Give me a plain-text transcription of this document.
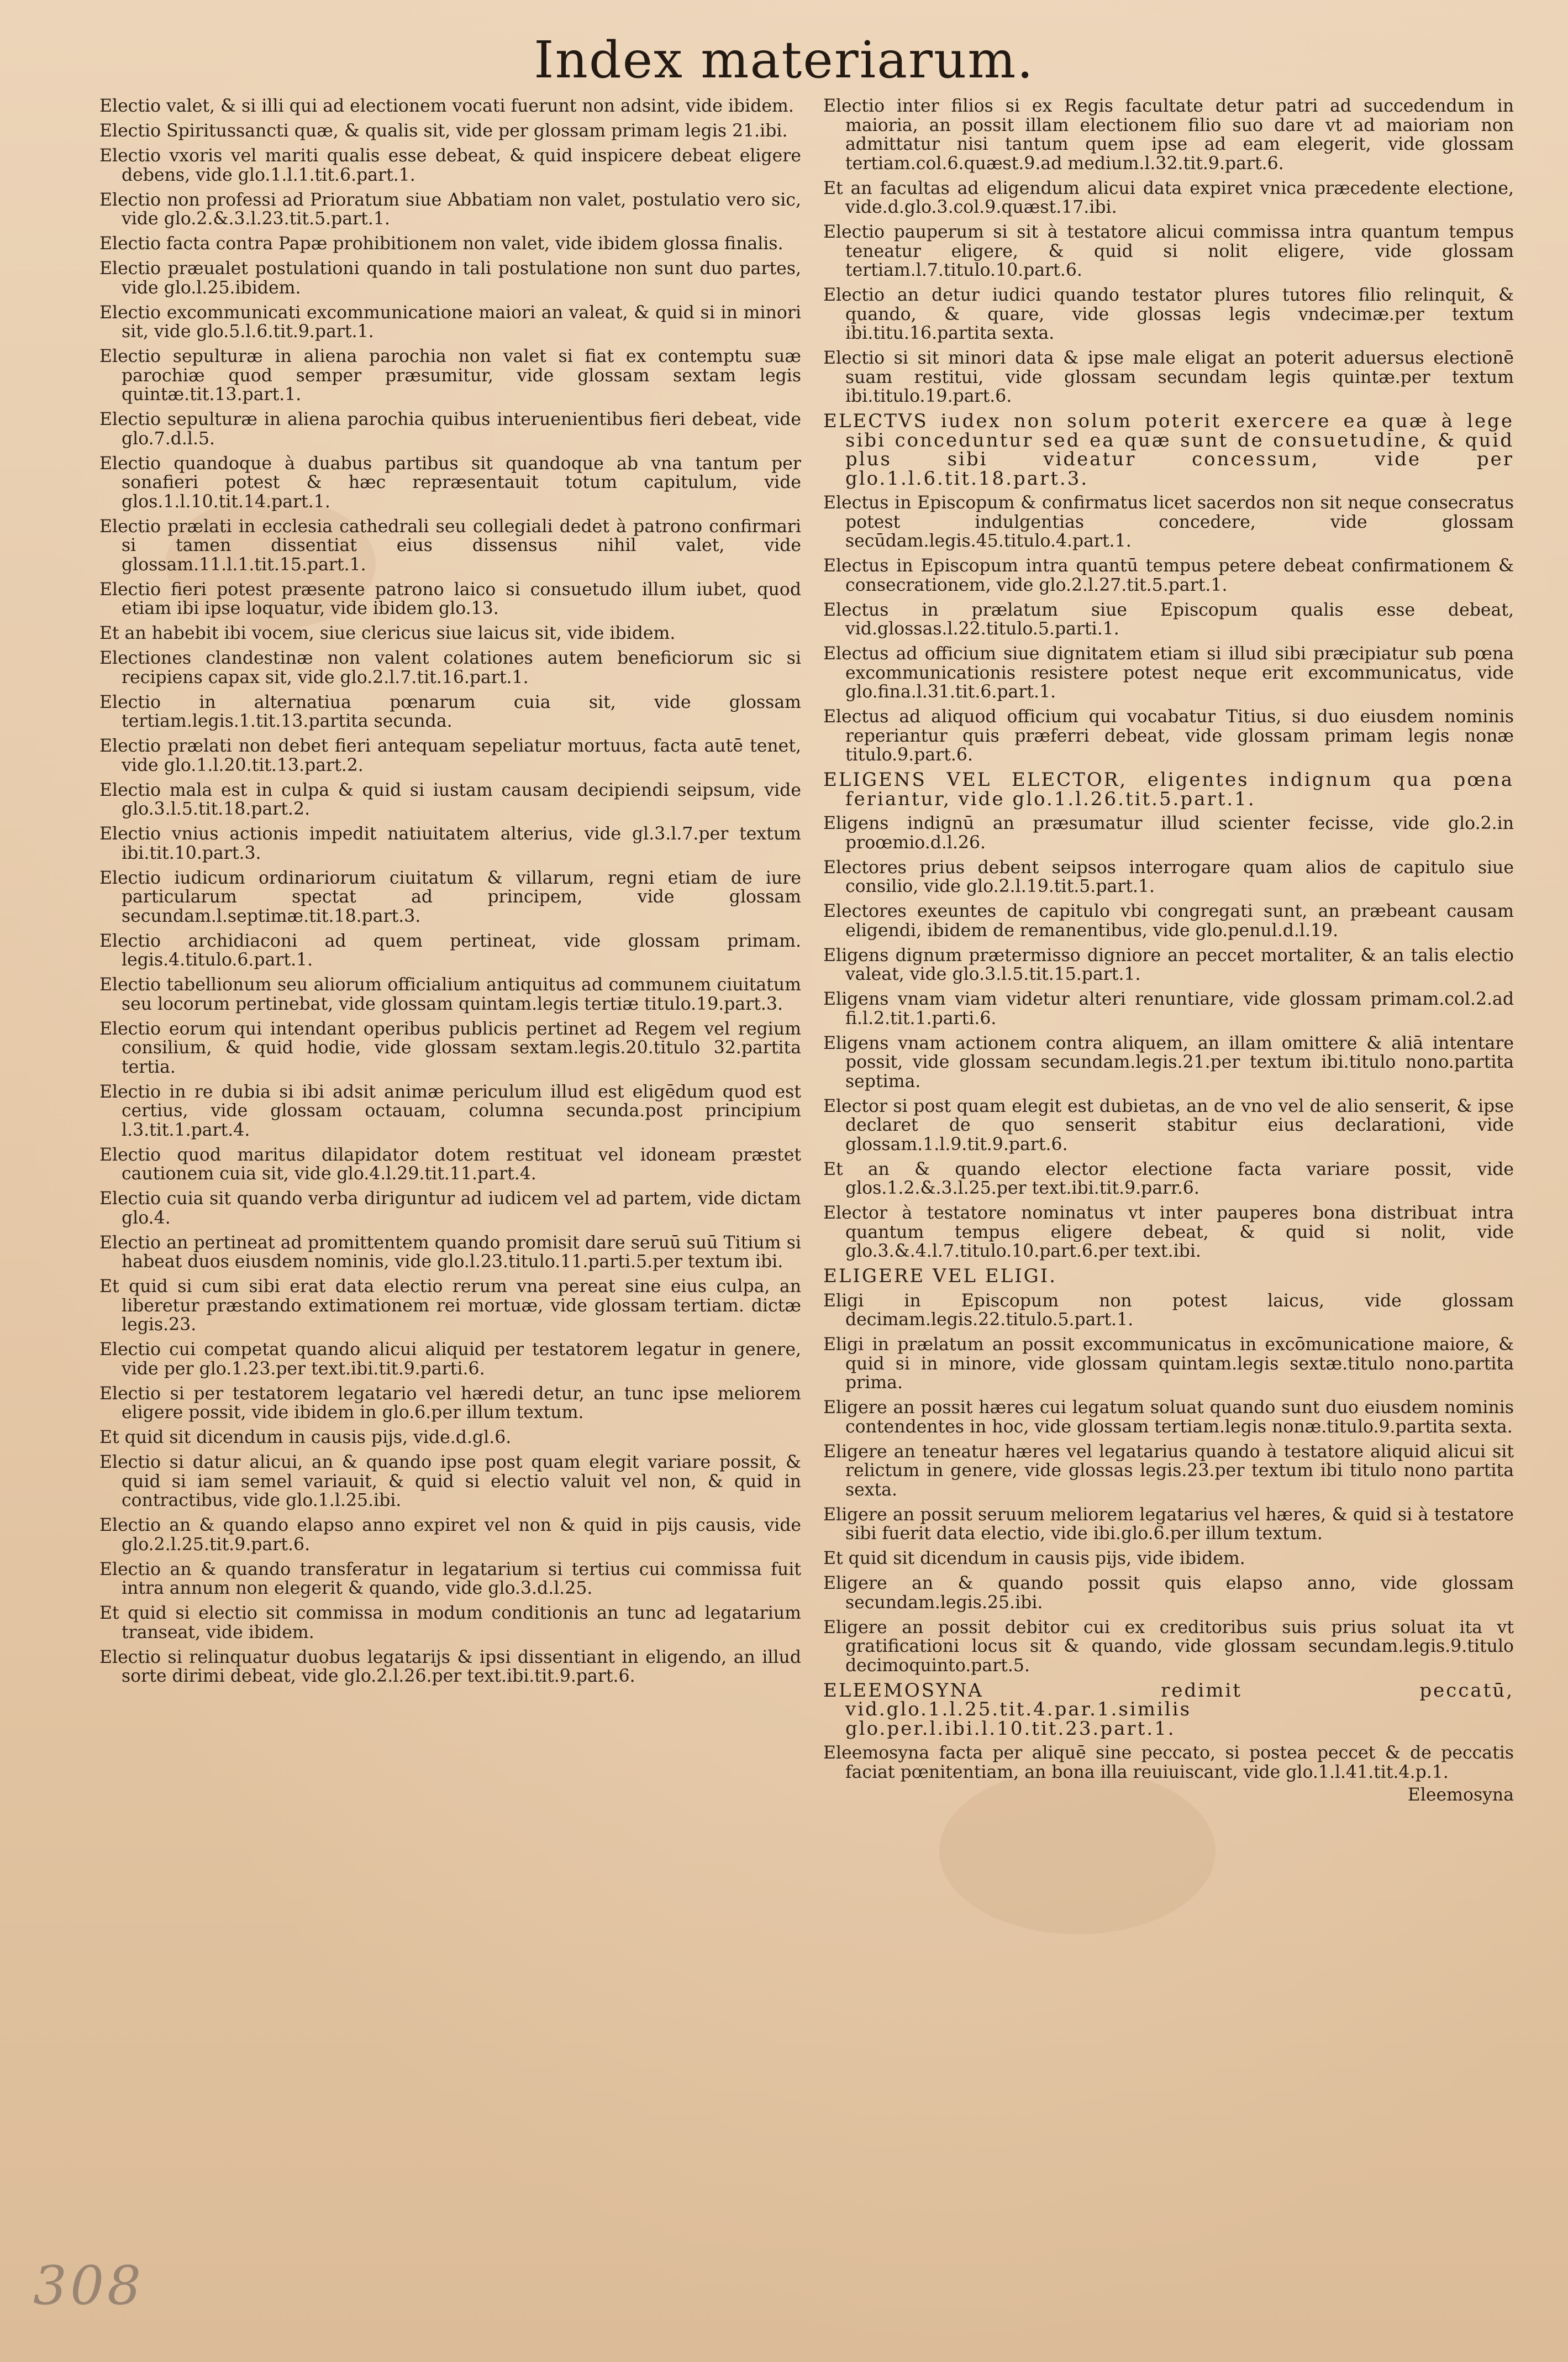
Index materiarum.
Electio valet, & si illi qui ad electionem vocati fuerunt non adsint, vide ibidem.
Electio Spiritussancti quæ, & qualis sit, vide per glossam primam legis 21.ibi.
Electio vxoris vel mariti qualis esse debeat, & quid inspicere debeat eligere debens, vide glo.1.l.1.tit.6.part.1.
Electio non professi ad Prioratum siue Abbatiam non valet, postulatio vero sic, vide glo.2.&.3.l.23.tit.5.part.1.
Electio facta contra Papæ prohibitionem non valet, vide ibidem glossa finalis.
Electio præualet postulationi quando in tali postulatione non sunt duo partes, vide glo.l.25.ibidem.
Electio excommunicati excommunicatione maiori an valeat, & quid si in minori sit, vide glo.5.l.6.tit.9.part.1.
Electio sepulturæ in aliena parochia non valet si fiat ex contemptu suæ parochiæ quod semper præsumitur, vide glossam sextam legis quintæ.tit.13.part.1.
Electio sepulturæ in aliena parochia quibus interuenientibus fieri debeat, vide glo.7.d.l.5.
Electio quandoque à duabus partibus sit quandoque ab vna tantum per sonafieri potest & hæc repræsentauit totum capitulum, vide glos.1.l.10.tit.14.part.1.
Electio prælati in ecclesia cathedrali seu collegiali dedet à patrono confirmari si tamen dissentiat eius dissensus nihil valet, vide glossam.11.l.1.tit.15.part.1.
Electio fieri potest præsente patrono laico si consuetudo illum iubet, quod etiam ibi ipse loquatur, vide ibidem glo.13.
Et an habebit ibi vocem, siue clericus siue laicus sit, vide ibidem.
Electiones clandestinæ non valent colationes autem beneficiorum sic si recipiens capax sit, vide glo.2.l.7.tit.16.part.1.
Electio in alternatiua pœnarum cuia sit, vide glossam tertiam.legis.1.tit.13.partita secunda.
Electio prælati non debet fieri antequam sepeliatur mortuus, facta autē tenet, vide glo.1.l.20.tit.13.part.2.
Electio mala est in culpa & quid si iustam causam decipiendi seipsum, vide glo.3.l.5.tit.18.part.2.
Electio vnius actionis impedit natiuitatem alterius, vide gl.3.l.7.per textum ibi.tit.10.part.3.
Electio iudicum ordinariorum ciuitatum & villarum, regni etiam de iure particularum spectat ad principem, vide glossam secundam.l.septimæ.tit.18.part.3.
Electio archidiaconi ad quem pertineat, vide glossam primam. legis.4.titulo.6.part.1.
Electio tabellionum seu aliorum officialium antiquitus ad communem ciuitatum seu locorum pertinebat, vide glossam quintam.legis tertiæ titulo.19.part.3.
Electio eorum qui intendant operibus publicis pertinet ad Regem vel regium consilium, & quid hodie, vide glossam sextam.legis.20.titulo 32.partita tertia.
Electio in re dubia si ibi adsit animæ periculum illud est eligēdum quod est certius, vide glossam octauam, columna secunda.post principium l.3.tit.1.part.4.
Electio quod maritus dilapidator dotem restituat vel idoneam præstet cautionem cuia sit, vide glo.4.l.29.tit.11.part.4.
Electio cuia sit quando verba diriguntur ad iudicem vel ad partem, vide dictam glo.4.
Electio an pertineat ad promittentem quando promisit dare seruū suū Titium si habeat duos eiusdem nominis, vide glo.l.23.titulo.11.parti.5.per textum ibi.
Et quid si cum sibi erat data electio rerum vna pereat sine eius culpa, an liberetur præstando extimationem rei mortuæ, vide glossam tertiam. dictæ legis.23.
Electio cui competat quando alicui aliquid per testatorem legatur in genere, vide per glo.1.23.per text.ibi.tit.9.parti.6.
Electio si per testatorem legatario vel hæredi detur, an tunc ipse meliorem eligere possit, vide ibidem in glo.6.per illum textum.
Et quid sit dicendum in causis pijs, vide.d.gl.6.
Electio si datur alicui, an & quando ipse post quam elegit variare possit, & quid si iam semel variauit, & quid si electio valuit vel non, & quid in contractibus, vide glo.1.l.25.ibi.
Electio an & quando elapso anno expiret vel non & quid in pijs causis, vide glo.2.l.25.tit.9.part.6.
Electio an & quando transferatur in legatarium si tertius cui commissa fuit intra annum non elegerit & quando, vide glo.3.d.l.25.
Et quid si electio sit commissa in modum conditionis an tunc ad legatarium transeat, vide ibidem.
Electio si relinquatur duobus legatarijs & ipsi dissentiant in eligendo, an illud sorte dirimi debeat, vide glo.2.l.26.per text.ibi.tit.9.part.6.
Electio inter filios si ex Regis facultate detur patri ad succedendum in maioria, an possit illam electionem filio suo dare vt ad maioriam non admittatur nisi tantum quem ipse ad eam elegerit, vide glossam tertiam.col.6.quæst.9.ad medium.l.32.tit.9.part.6.
Et an facultas ad eligendum alicui data expiret vnica præcedente electione, vide.d.glo.3.col.9.quæst.17.ibi.
Electio pauperum si sit à testatore alicui commissa intra quantum tempus teneatur eligere, & quid si nolit eligere, vide glossam tertiam.l.7.titulo.10.part.6.
Electio an detur iudici quando testator plures tutores filio relinquit, & quando, & quare, vide glossas legis vndecimæ.per textum ibi.titu.16.partita sexta.
Electio si sit minori data & ipse male eligat an poterit aduersus electionē suam restitui, vide glossam secundam legis quintæ.per textum ibi.titulo.19.part.6.
ELECTVS iudex non solum poterit exercere ea quæ à lege sibi conceduntur sed ea quæ sunt de consuetudine, & quid plus sibi videatur concessum, vide per glo.1.l.6.tit.18.part.3.
Electus in Episcopum & confirmatus licet sacerdos non sit neque consecratus potest indulgentias concedere, vide glossam secūdam.legis.45.titulo.4.part.1.
Electus in Episcopum intra quantū tempus petere debeat confirmationem & consecrationem, vide glo.2.l.27.tit.5.part.1.
Electus in prælatum siue Episcopum qualis esse debeat, vid.glossas.l.22.titulo.5.parti.1.
Electus ad officium siue dignitatem etiam si illud sibi præcipiatur sub pœna excommunicationis resistere potest neque erit excommunicatus, vide glo.fina.l.31.tit.6.part.1.
Electus ad aliquod officium qui vocabatur Titius, si duo eiusdem nominis reperiantur quis præferri debeat, vide glossam primam legis nonæ titulo.9.part.6.
ELIGENS VEL ELECTOR, eligentes indignum qua pœna feriantur, vide glo.1.l.26.tit.5.part.1.
Eligens indignū an præsumatur illud scienter fecisse, vide glo.2.in proœmio.d.l.26.
Electores prius debent seipsos interrogare quam alios de capitulo siue consilio, vide glo.2.l.19.tit.5.part.1.
Electores exeuntes de capitulo vbi congregati sunt, an præbeant causam eligendi, ibidem de remanentibus, vide glo.penul.d.l.19.
Eligens dignum prætermisso digniore an peccet mortaliter, & an talis electio valeat, vide glo.3.l.5.tit.15.part.1.
Eligens vnam viam videtur alteri renuntiare, vide glossam primam.col.2.ad fi.l.2.tit.1.parti.6.
Eligens vnam actionem contra aliquem, an illam omittere & aliā intentare possit, vide glossam secundam.legis.21.per textum ibi.titulo nono.partita septima.
Elector si post quam elegit est dubietas, an de vno vel de alio senserit, & ipse declaret de quo senserit stabitur eius declarationi, vide glossam.1.l.9.tit.9.part.6.
Et an & quando elector electione facta variare possit, vide glos.1.2.&.3.l.25.per text.ibi.tit.9.parr.6.
Elector à testatore nominatus vt inter pauperes bona distribuat intra quantum tempus eligere debeat, & quid si nolit, vide glo.3.&.4.l.7.titulo.10.part.6.per text.ibi.
ELIGERE VEL ELIGI.
Eligi in Episcopum non potest laicus, vide glossam decimam.legis.22.titulo.5.part.1.
Eligi in prælatum an possit excommunicatus in excōmunicatione maiore, & quid si in minore, vide glossam quintam.legis sextæ.titulo nono.partita prima.
Eligere an possit hæres cui legatum soluat quando sunt duo eiusdem nominis contendentes in hoc, vide glossam tertiam.legis nonæ.titulo.9.partita sexta.
Eligere an teneatur hæres vel legatarius quando à testatore aliquid alicui sit relictum in genere, vide glossas legis.23.per textum ibi titulo nono partita sexta.
Eligere an possit seruum meliorem legatarius vel hæres, & quid si à testatore sibi fuerit data electio, vide ibi.glo.6.per illum textum.
Et quid sit dicendum in causis pijs, vide ibidem.
Eligere an & quando possit quis elapso anno, vide glossam secundam.legis.25.ibi.
Eligere an possit debitor cui ex creditoribus suis prius soluat ita vt gratificationi locus sit & quando, vide glossam secundam.legis.9.titulo decimoquinto.part.5.
ELEEMOSYNA redimit peccatū, vid.glo.1.l.25.tit.4.par.1.similis glo.per.l.ibi.l.10.tit.23.part.1.
Eleemosyna facta per aliquē sine peccato, si postea peccet & de peccatis faciat pœnitentiam, an bona illa reuiuiscant, vide glo.1.l.41.tit.4.p.1.
Eleemosyna
308
